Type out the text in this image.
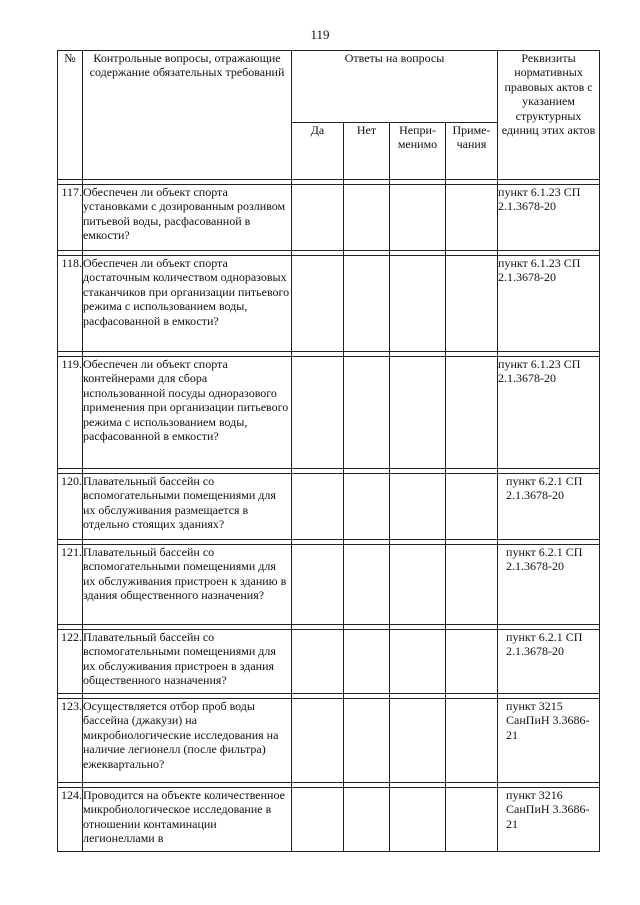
119
№	Контрольные вопросы, отражающие содержание обязательных требований	Ответы на вопросы				Реквизиты нормативных правовых актов с указанием структурных единиц этих актов
		Да	Нет	Непри-менимо	Приме-чания	

117.	Обеспечен ли объект спорта установками с дозированным розливом питьевой воды, расфасованной в емкости?					пункт 6.1.23 СП 2.1.3678-20

118.	Обеспечен ли объект спорта достаточным количеством одноразовых стаканчиков при организации питьевого режима с использованием воды, расфасованной в емкости?					пункт 6.1.23 СП 2.1.3678-20

119.	Обеспечен ли объект спорта контейнерами для сбора использованной посуды одноразового применения при организации питьевого режима с использованием воды, расфасованной в емкости?					пункт 6.1.23 СП 2.1.3678-20

120.	Плавательный бассейн со вспомогательными помещениями для их обслуживания размещается в отдельно стоящих зданиях?					пункт 6.2.1 СП 2.1.3678-20

121.	Плавательный бассейн со вспомогательными помещениями для их обслуживания пристроен к зданию в здания общественного назначения?					пункт 6.2.1 СП 2.1.3678-20

122.	Плавательный бассейн со вспомогательными помещениями для их обслуживания пристроен в здания общественного назначения?					пункт 6.2.1 СП 2.1.3678-20

123.	Осуществляется отбор проб воды бассейна (джакузи) на микробиологические исследования на наличие легионелл (после фильтра) ежеквартально?					пункт 3215 СанПиН 3.3686-21

124.	Проводится на объекте количественное микробиологическое исследование в отношении контаминации легионеллами в					пункт 3216 СанПиН 3.3686-21
